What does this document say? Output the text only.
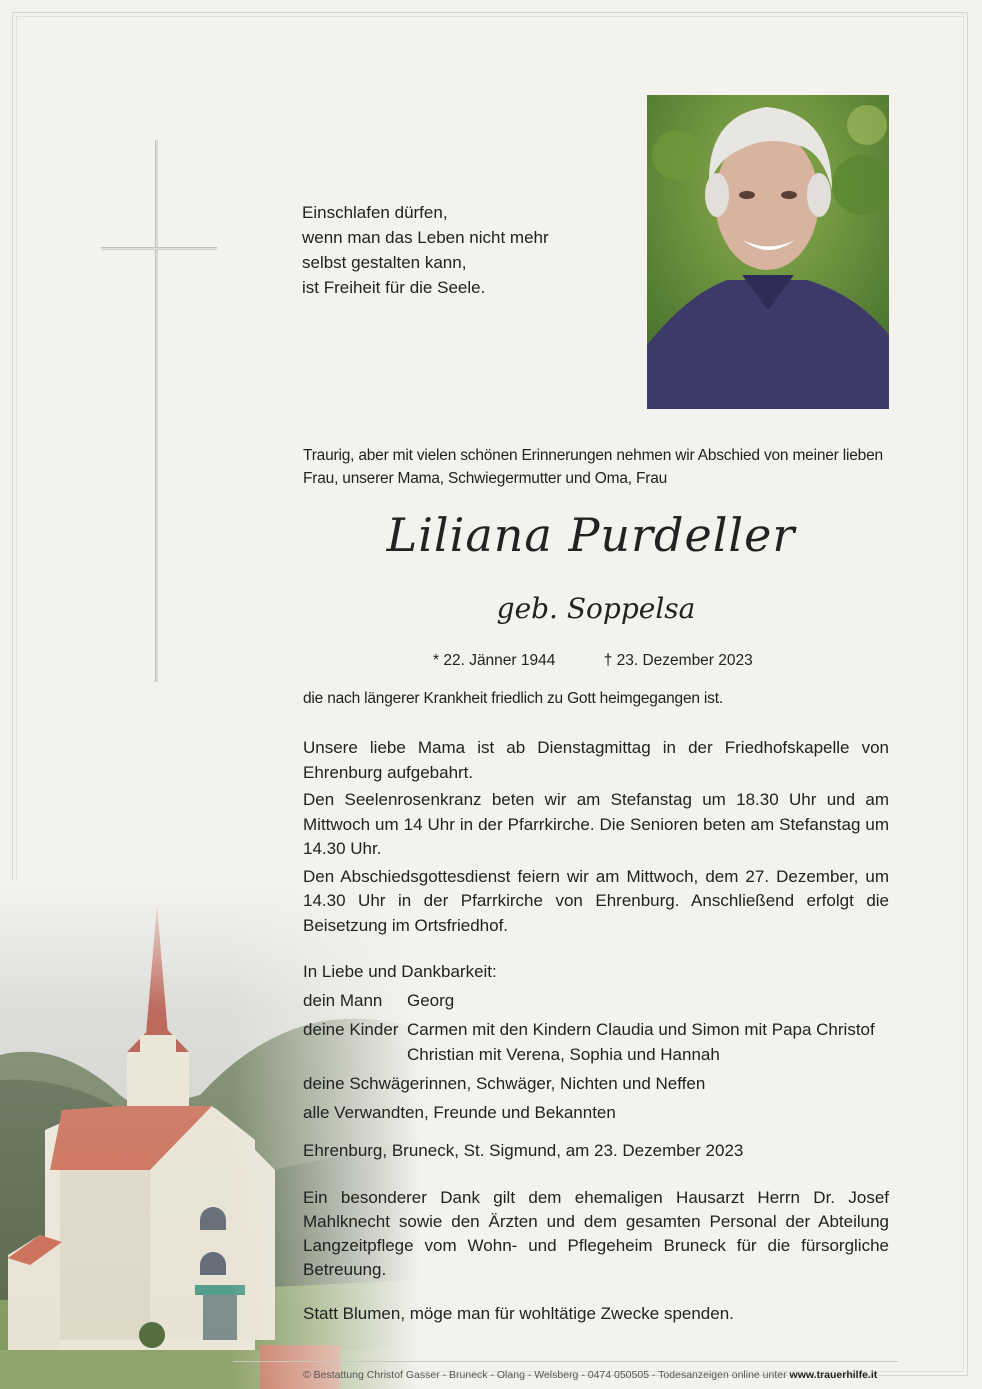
Einschlafen dürfen,
wenn man das Leben nicht mehr
selbst gestalten kann,
ist Freiheit für die Seele.
Traurig, aber mit vielen schönen Erinnerungen nehmen wir Abschied von meiner lieben Frau, unserer Mama, Schwiegermutter und Oma, Frau
Liliana Purdeller
geb. Soppelsa
* 22. Jänner 1944	† 23. Dezember 2023
die nach längerer Krankheit friedlich zu Gott heimgegangen ist.

Unsere liebe Mama ist ab Dienstagmittag in der Friedhofskapelle von Ehrenburg aufgebahrt.

Den Seelenrosenkranz beten wir am Stefanstag um 18.30 Uhr und am Mittwoch um 14 Uhr in der Pfarrkirche. Die Senioren beten am Stefanstag um 14.30 Uhr.

Den Abschiedsgottesdienst feiern wir am Mittwoch, dem 27. Dezember, um 14.30 Uhr in der Pfarrkirche von Ehrenburg. Anschließend erfolgt die Beisetzung im Ortsfriedhof.

In Liebe und Dankbarkeit:
dein Mann Georg
deine Kinder Carmen mit den Kindern Claudia und Simon mit Papa Christof
Christian mit Verena, Sophia und Hannah
deine Schwägerinnen, Schwäger, Nichten und Neffen
alle Verwandten, Freunde und Bekannten
Ehrenburg, Bruneck, St. Sigmund, am 23. Dezember 2023
Ein besonderer Dank gilt dem ehemaligen Hausarzt Herrn Dr. Josef Mahlknecht sowie den Ärzten und dem gesamten Personal der Abteilung Langzeitpflege vom Wohn- und Pflegeheim Bruneck für die fürsorgliche Betreuung.
Statt Blumen, möge man für wohltätige Zwecke spenden.
© Bestattung Christof Gasser - Bruneck - Olang - Welsberg - 0474 050505 - Todesanzeigen online unter www.trauerhilfe.it
